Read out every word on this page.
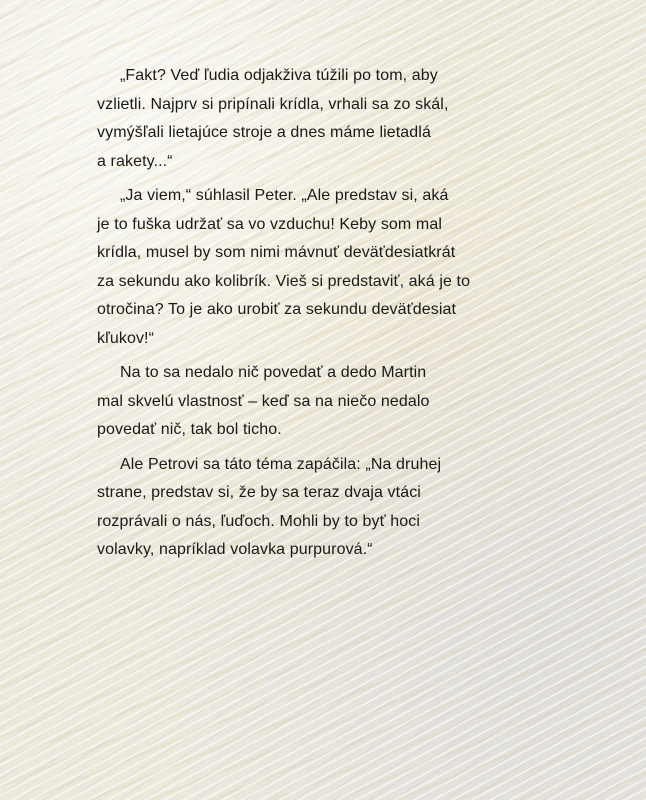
„Fakt? Veď ľudia odjakživa túžili po tom, aby
vzlietli. Najprv si pripínali krídla, vrhali sa zo skál,
vymýšľali lietajúce stroje a dnes máme lietadlá
a rakety...“
„Ja viem,“ súhlasil Peter. „Ale predstav si, aká
je to fuška udržať sa vo vzduchu! Keby som mal
krídla, musel by som nimi mávnuť deväťdesiatkrát
za sekundu ako kolibrík. Vieš si predstaviť, aká je to
otročina? To je ako urobiť za sekundu deväťdesiat
kľukov!“
Na to sa nedalo nič povedať a dedo Martin
mal skvelú vlastnosť – keď sa na niečo nedalo
povedať nič, tak bol ticho.
Ale Petrovi sa táto téma zapáčila: „Na druhej
strane, predstav si, že by sa teraz dvaja vtáci
rozprávali o nás, ľuďoch. Mohli by to byť hoci
volavky, napríklad volavka purpurová.“
